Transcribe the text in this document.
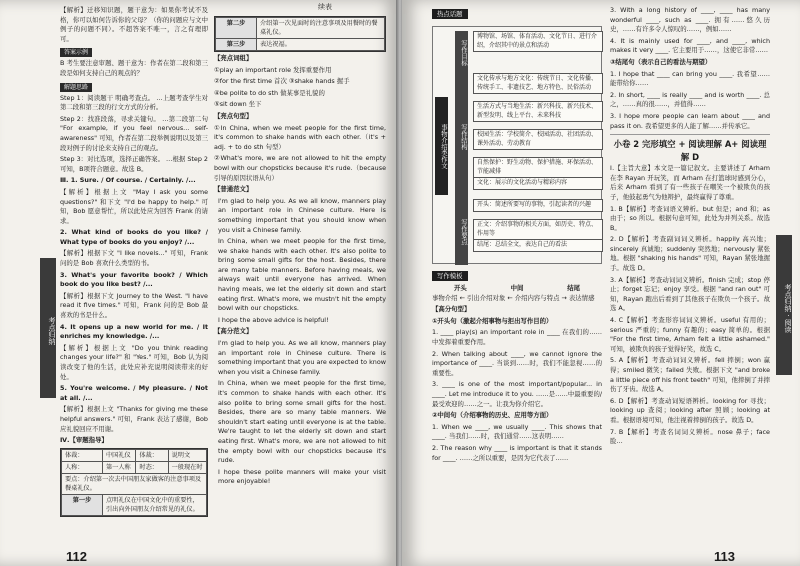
考点归纳

【解析】迁移知识题，题干意为：如果你考试不及格，你可以如何告诉你的父母？（你的问题应与文中例子的问题不同）。不超答案不唯一，言之有理即可。

答案示例

B 考生要注意审题、题干意为：作者在第二段和第三段是如何支持自己的观点的？

解题思路

Step 1：阅读题干 明确考查点。 …上题考查学生对第二段和第三段的行文方式的分析。

Step 2：找准段落，寻求关键句。 …第二段第二句 "For example, if you feel nervous... self-awareness" 可知，作者在第二段举例说明以及第三段对例子的讨论来支持自己的观点。

Step 3：对比选项，选择正确答案。 …根据 Step 2 可知，B项符合题意。故选 B。

Ⅲ. 1. Sure. / Of course. / Certainly. /...

【解析】根据上文 "May I ask you some questions?" 和下文 "I'd be happy to help." 可知，Bob 愿意帮忙，所以此处应为回答 Frank 的请求。

2. What kind of books do you like? / What type of books do you enjoy? /...

【解析】根据下文 "I like novels..." 可知，Frank 问的是 Bob 喜欢什么类型的书。

3. What's your favorite book? / Which book do you like best? /...

【解析】根据下文 Journey to the West. "I have read it five times." 可知，Frank 问的是 Bob 最喜欢的书是什么。

4. It opens up a new world for me. / It enriches my knowledge. /...

【解析】根据上文 "Do you think reading changes your life?" 和 "Yes." 可知，Bob 认为阅读改变了他的生活，此处应补充说明阅读带来的好处。

5. You're welcome. / My pleasure. / Not at all. /...

【解析】根据上文 "Thanks for giving me these helpful answers." 可知，Frank 表达了感谢，Bob 应礼貌回应不用谢。

Ⅳ.【审题指导】

体裁：	中国礼仪	体裁：	说明文
人称：	第一人称	时态：	一般现在时
要点：介绍第一次去中国朋友家做客的注意事项及餐桌礼仪。			
第一步	点明礼仪在中国文化中的重要性，引出向外国朋友介绍常见的礼仪。		
续表
第二步	介绍第一次见面时的注意事项及用餐时的餐桌礼仪。
第三步	表达祝福。

【亮点词组】

①play an important role 发挥重要作用

②for the first time 首次 ③shake hands 握手

④be polite to do sth 做某事是礼貌的

⑤sit down 坐下

【亮点句型】

①In China, when we meet people for the first time, it's common to shake hands with each other.（it's + adj. + to do sth 句型）

②What's more, we are not allowed to hit the empty bowl with our chopsticks because it's rude.（because 引导的原因状语从句）

【普通范文】

I'm glad to help you. As we all know, manners play an important role in Chinese culture. Here is something important that you should know when you visit a Chinese family.

In China, when we meet people for the first time, we shake hands with each other. It's also polite to bring some small gifts for the host. Besides, there are many table manners. Before having meals, we always wait until everyone has arrived. When having meals, we let the elderly sit down and start eating first. What's more, we mustn't hit the empty bowl with our chopsticks.

I hope the above advice is helpful!

【高分范文】

I'm glad to help you. As we all know, manners play an important role in Chinese culture. There is something important that you are expected to know when you visit a Chinese family.

In China, when we meet people for the first time, it's common to shake hands with each other. It's also polite to bring some small gifts for the host. Besides, there are so many table manners. We shouldn't start eating until everyone is at the table. We're taught to let the elderly sit down and start eating first. What's more, we are not allowed to hit the empty bowl with our chopsticks because it's rude.

I hope these polite manners will make your visit more enjoyable!

112
热点话题
事物介绍类作文
写作目标
博物馆、场馆、体育活动、文化节日、进行介绍，介绍其中的景点和活动
写作结构
文化传承与地方文化：传统节日、文化传播、传统手工、非遗技艺、地方特色、民俗活动
生活方式与当地生活：新兴科技、新兴技术、新型发明、线上平台、未来科技
校园生活：学校简介、校园活动、社团活动、课外活动、劳动教育
自然保护：野生动物、保护措施、环保活动、节能减排
文化：展示的文化活动与精彩内容
写作要点
开头：简述所要写的事物，引起读者的兴趣
正文：介绍事物的相关方面，如历史、特点、作用等
结尾：总结全文，表达自己的看法
写作模板
开头	中间	结尾

事物介绍 ← 引出介绍对象 ← 介绍内容与特点 → 表达情感

【高分句型】

①开头句（激起介绍事物与拒出写作目的）

1. ____ play(s) an important role in ____ 在我们的……中发挥着重要作用。

2. When talking about ____, we cannot ignore the importance of ____. 当谈到……时，我们不能忽视……的重要性。

3. ____ is one of the most important/popular... in ____. Let me introduce it to you. ……是……中最重要的/最受欢迎的……之一。让我为你介绍它。

②中间句（介绍事物的历史、应用等方面）

1. When we ____, we usually ____. This shows that ____. 当我们……时，我们通常……这表明……

2. The reason why ____ is important is that it stands for ____. ……之所以重要，是因为它代表了……

3. With a long history of ____, ____ has many wonderful ____, such as ____. 拥有……悠久历史，……有许多令人惊叹的……，例如……

4. It is mainly used for ____, and ____, which makes it very ____. 它主要用于……，这使它非常……

③结尾句（表示自己的看法与期望）

1. I hope that ____ can bring you ____. 我希望……能带给你……

2. In short, ____ is really ____ and is worth ____. 总之，……真的很……，并值得……

3. I hope more people can learn about ____ and pass it on. 我希望更多的人能了解……并传承它。

小卷 2 完形填空 + 阅读理解 A+ 阅读理解 D

Ⅰ.【主旨大意】本文是一篇记叙文。主要讲述了 Arham 在李 Rayan 开玩笑，而 Arham 在打篮球时感到分心，后来 Arham 看到了有一些孩子在嘲笑一个被欺负的孩子，他鼓起勇气为他辩护，最终赢得了尊重。

1. B【解析】考查词语义辨析。but 但是；and 和；as 由于；so 所以。根据句意可知，此处为并列关系。故选 B。

2. D【解析】考查副词词义辨析。happily 高兴地；sincerely 真诚地；suddenly 突然地；nervously 紧张地。根据 "shaking his hands" 可知，Rayan 紧张地握手。故选 D。

3. A【解析】考查动词词义辨析。finish 完成；stop 停止；forget 忘记；enjoy 享受。根据 "and ran out" 可知，Rayan 跑出后看到了其他孩子在欺负一个孩子。故选 A。

4. C【解析】考查形容词词义辨析。useful 有用的；serious 严重的；funny 有趣的；easy 简单的。根据 "For the first time, Arham felt a little ashamed." 可知，被欺负的孩子觉得好笑，故选 C。

5. A【解析】考查动词词义辨析。fell 摔倒；won 赢得；smiled 微笑；failed 失败。根据下文 "and broke a little piece off his front teeth" 可知，他摔倒了并摔伤了牙齿。故选 A。

6. D【解析】考查动词短语辨析。looking for 寻找；looking up 查阅；looking after 照顾；looking at 看。根据语境可知，他注视着摔倒的孩子。故选 D。

7. B【解析】考查名词词义辨析。nose 鼻子；face 脸…

113
考点归纳 · 阅读
